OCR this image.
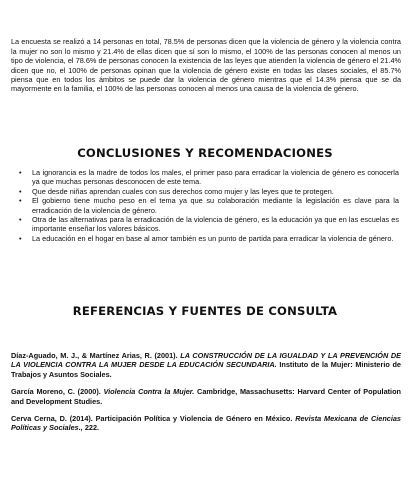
La encuesta se realizó a 14 personas en total, 78.5% de personas dicen que la violencia de género y la violencia contra la mujer no son lo mismo y 21.4% de ellas dicen que sí son lo mismo, el 100% de las personas conocen al menos un tipo de violencia, el 78.6% de personas conocen la existencia de las leyes que atienden la violencia de género el 21.4% dicen que no, el 100% de personas opinan que la violencia de género existe en todas las clases sociales, el 85.7% piensa que en todos los ámbitos se puede dar la violencia de género mientras que el 14.3% piensa que se da mayormente en la familia, el 100% de las personas conocen al menos una causa de la violencia de género.

CONCLUSIONES Y RECOMENDACIONES
• La ignorancia es la madre de todos los males, el primer paso para erradicar la violencia de género es conocerla ya que muchas personas desconocen de este tema.
• Que desde niñas aprendan cuales con sus derechos como mujer y las leyes que te protegen.
• El gobierno tiene mucho peso en el tema ya que su colaboración mediante la legislación es clave para la erradicación de la violencia de género.
• Otra de las alternativas para la erradicación de la violencia de género, es la educación ya que en las escuelas es importante enseñar los valores básicos.
• La educación en el hogar en base al amor también es un punto de partida para erradicar la violencia de género.
REFERENCIAS Y FUENTES DE CONSULTA

Díaz-Aguado, M. J., & Martínez Arias, R. (2001). LA CONSTRUCCIÓN DE LA IGUALDAD Y LA PREVENCIÓN DE LA VIOLENCIA CONTRA LA MUJER DESDE LA EDUCACIÓN SECUNDARIA. Instituto de la Mujer: Ministerio de Trabajos y Asuntos Sociales.

García Moreno, C. (2000). Violencia Contra la Mujer. Cambridge, Massachusetts: Harvard Center of Population and Development Studies.

Cerva Cerna, D. (2014). Participación Política y Violencia de Género en México. Revista Mexicana de Ciencias Políticas y Sociales., 222.
